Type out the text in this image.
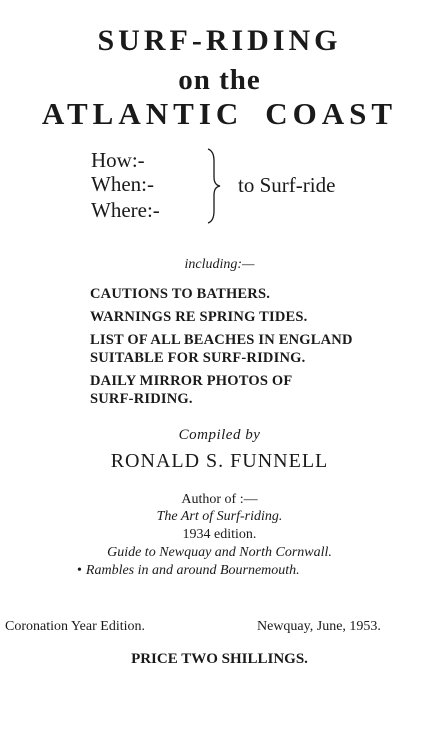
SURF-RIDING
on the
ATLANTIC COAST
How:-
When:-
Where:-
to Surf-ride
including:—
CAUTIONS TO BATHERS.
WARNINGS RE SPRING TIDES.
LIST OF ALL BEACHES IN ENGLAND
SUITABLE FOR SURF-RIDING.
DAILY MIRROR PHOTOS OF
SURF-RIDING.
Compiled by
RONALD S. FUNNELL
Author of :—
The Art of Surf-riding.
1934 edition.
Guide to Newquay and North Cornwall.
• Rambles in and around Bournemouth.
Coronation Year Edition.	Newquay, June, 1953.
PRICE TWO SHILLINGS.
